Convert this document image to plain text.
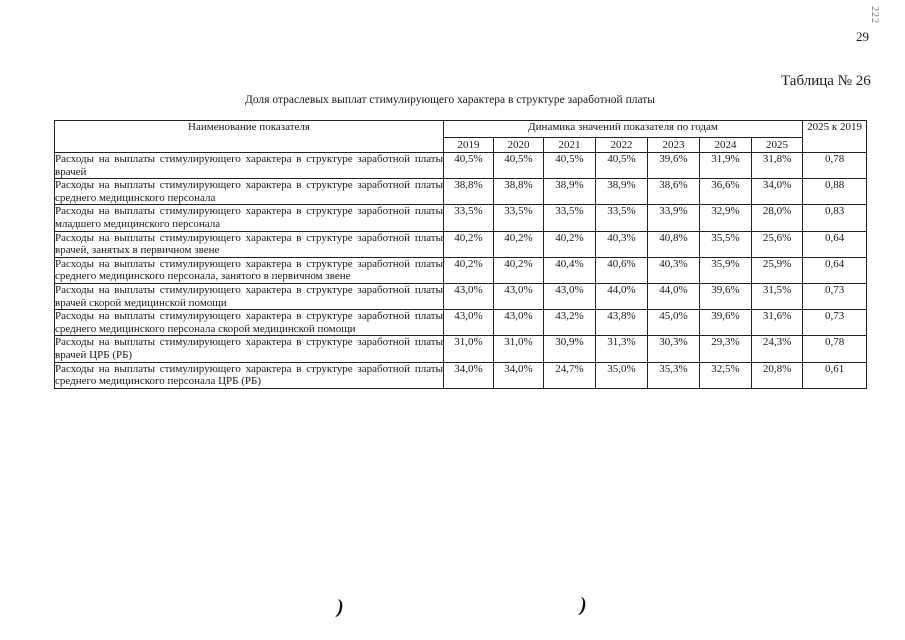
29
222
Таблица № 26
Доля отраслевых выплат стимулирующего характера в структуре заработной платы
Наименование показателя	Динамика значений показателя по годам							2025 к 2019
	2019	2020	2021	2022	2023	2024	2025	
Расходы на выплаты стимулирующего характера в структуре заработной платы врачей	40,5%	40,5%	40,5%	40,5%	39,6%	31,9%	31,8%	0,78
Расходы на выплаты стимулирующего характера в структуре заработной платы среднего медицинского персонала	38,8%	38,8%	38,9%	38,9%	38,6%	36,6%	34,0%	0,88
Расходы на выплаты стимулирующего характера в структуре заработной платы младшего медицинского персонала	33,5%	33,5%	33,5%	33,5%	33,9%	32,9%	28,0%	0,83
Расходы на выплаты стимулирующего характера в структуре заработной платы врачей, занятых в первичном звене	40,2%	40,2%	40,2%	40,3%	40,8%	35,5%	25,6%	0,64
Расходы на выплаты стимулирующего характера в структуре заработной платы среднего медицинского персонала, занятого в первичном звене	40,2%	40,2%	40,4%	40,6%	40,3%	35,9%	25,9%	0,64
Расходы на выплаты стимулирующего характера в структуре заработной платы врачей скорой медицинской помощи	43,0%	43,0%	43,0%	44,0%	44,0%	39,6%	31,5%	0,73
Расходы на выплаты стимулирующего характера в структуре заработной платы среднего медицинского персонала скорой медицинской помощи	43,0%	43,0%	43,2%	43,8%	45,0%	39,6%	31,6%	0,73
Расходы на выплаты стимулирующего характера в структуре заработной платы врачей ЦРБ (РБ)	31,0%	31,0%	30,9%	31,3%	30,3%	29,3%	24,3%	0,78
Расходы на выплаты стимулирующего характера в структуре заработной платы среднего медицинского персонала ЦРБ (РБ)	34,0%	34,0%	24,7%	35,0%	35,3%	32,5%	20,8%	0,61
)	)
